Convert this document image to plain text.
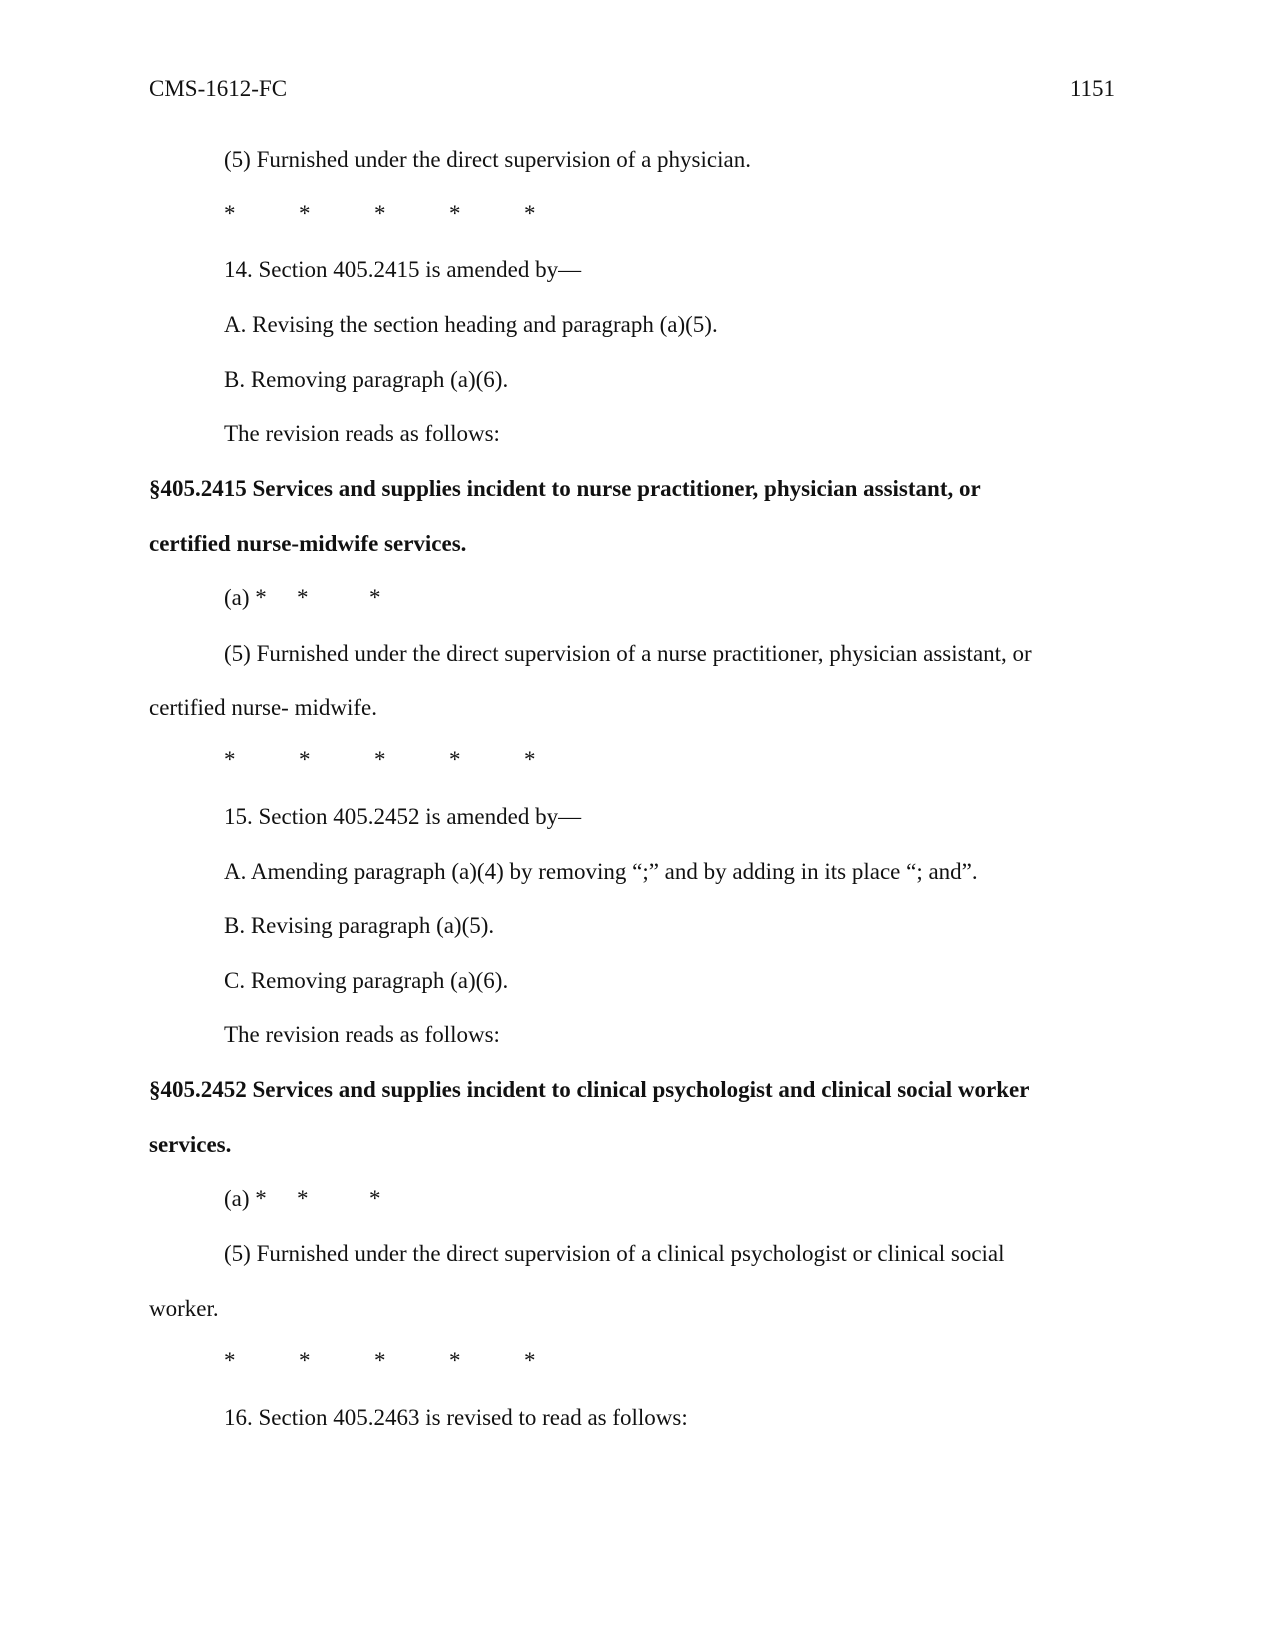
CMS-1612-FC	1151
(5) Furnished under the direct supervision of a physician.
*	*	*	*	*
14. Section 405.2415 is amended by—
A. Revising the section heading and paragraph (a)(5).
B. Removing paragraph (a)(6).
The revision reads as follows:
§405.2415 Services and supplies incident to nurse practitioner, physician assistant, or
certified nurse-midwife services.
(a) * *	*
(5) Furnished under the direct supervision of a nurse practitioner, physician assistant, or
certified nurse- midwife.
*	*	*	*	*
15. Section 405.2452 is amended by—
A. Amending paragraph (a)(4) by removing “;” and by adding in its place “; and”.
B. Revising paragraph (a)(5).
C. Removing paragraph (a)(6).
The revision reads as follows:
§405.2452 Services and supplies incident to clinical psychologist and clinical social worker
services.
(a) * *	*
(5) Furnished under the direct supervision of a clinical psychologist or clinical social
worker.
*	*	*	*	*
16. Section 405.2463 is revised to read as follows:
